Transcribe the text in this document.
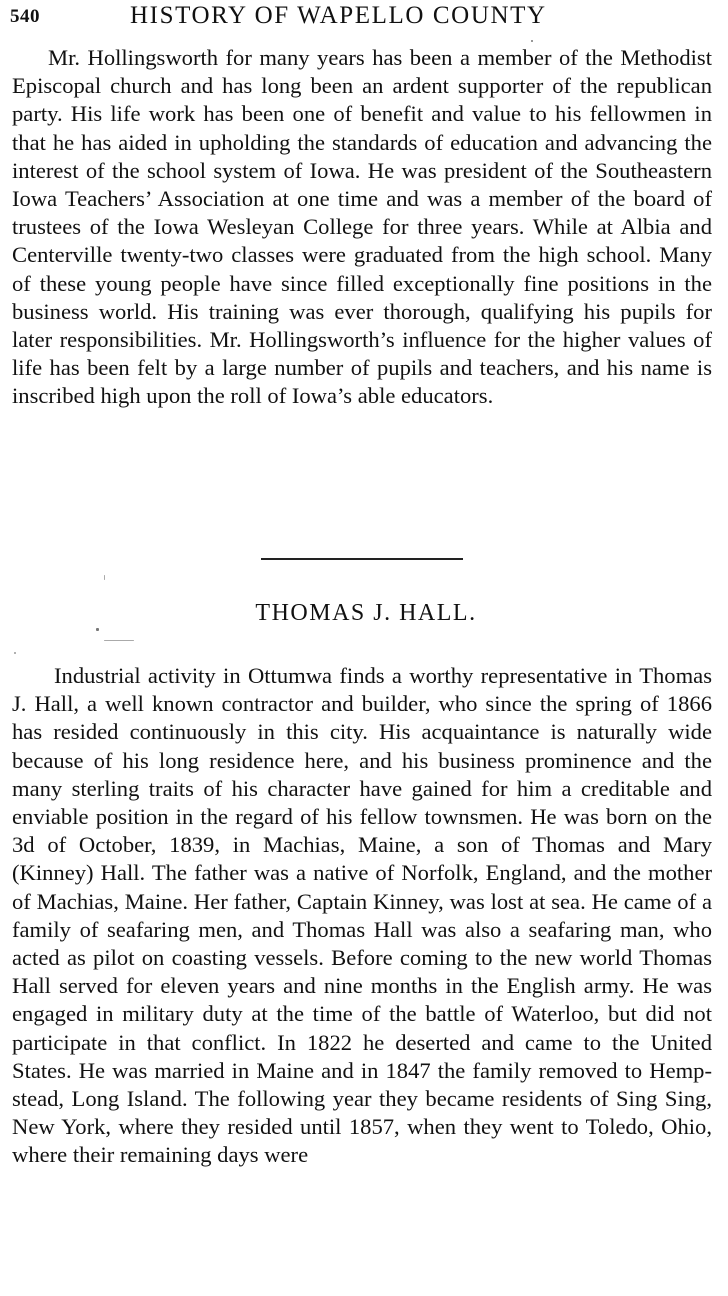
540	HISTORY OF WAPELLO COUNTY

Mr. Hollingsworth for many years has been a member of the Methodist Episcopal church and has long been an ardent supporter of the republican party. His life work has been one of benefit and value to his fellowmen in that he has aided in upholding the standards of education and advancing the interest of the school system of Iowa. He was president of the Southeastern Iowa Teachers’ Association at one time and was a member of the board of trustees of the Iowa Wesleyan College for three years. While at Albia and Centerville twenty-two classes were graduated from the high school. Many of these young people have since filled exceptionally fine positions in the business world. His training was ever thorough, qualifying his pupils for later responsibilities. Mr. Hollingsworth’s influence for the higher values of life has been felt by a large number of pupils and teachers, and his name is inscribed high upon the roll of Iowa’s able educators.

THOMAS J. HALL.

Industrial activity in Ottumwa finds a worthy representative in Thomas J. Hall, a well known contractor and builder, who since the spring of 1866 has resided continuously in this city. His acquaintance is naturally wide because of his long residence here, and his business prominence and the many sterling traits of his character have gained for him a creditable and enviable position in the regard of his fellow townsmen. He was born on the 3d of October, 1839, in Machias, Maine, a son of Thomas and Mary (Kinney) Hall. The father was a native of Norfolk, England, and the mother of Machias, Maine. Her father, Captain Kinney, was lost at sea. He came of a family of seafaring men, and Thomas Hall was also a seafaring man, who acted as pilot on coasting vessels. Before coming to the new world Thomas Hall served for eleven years and nine months in the English army. He was engaged in military duty at the time of the battle of Waterloo, but did not participate in that conflict. In 1822 he deserted and came to the United States. He was married in Maine and in 1847 the family removed to Hempstead, Long Island. The following year they became residents of Sing Sing, New York, where they resided until 1857, when they went to Toledo, Ohio, where their remaining days were
